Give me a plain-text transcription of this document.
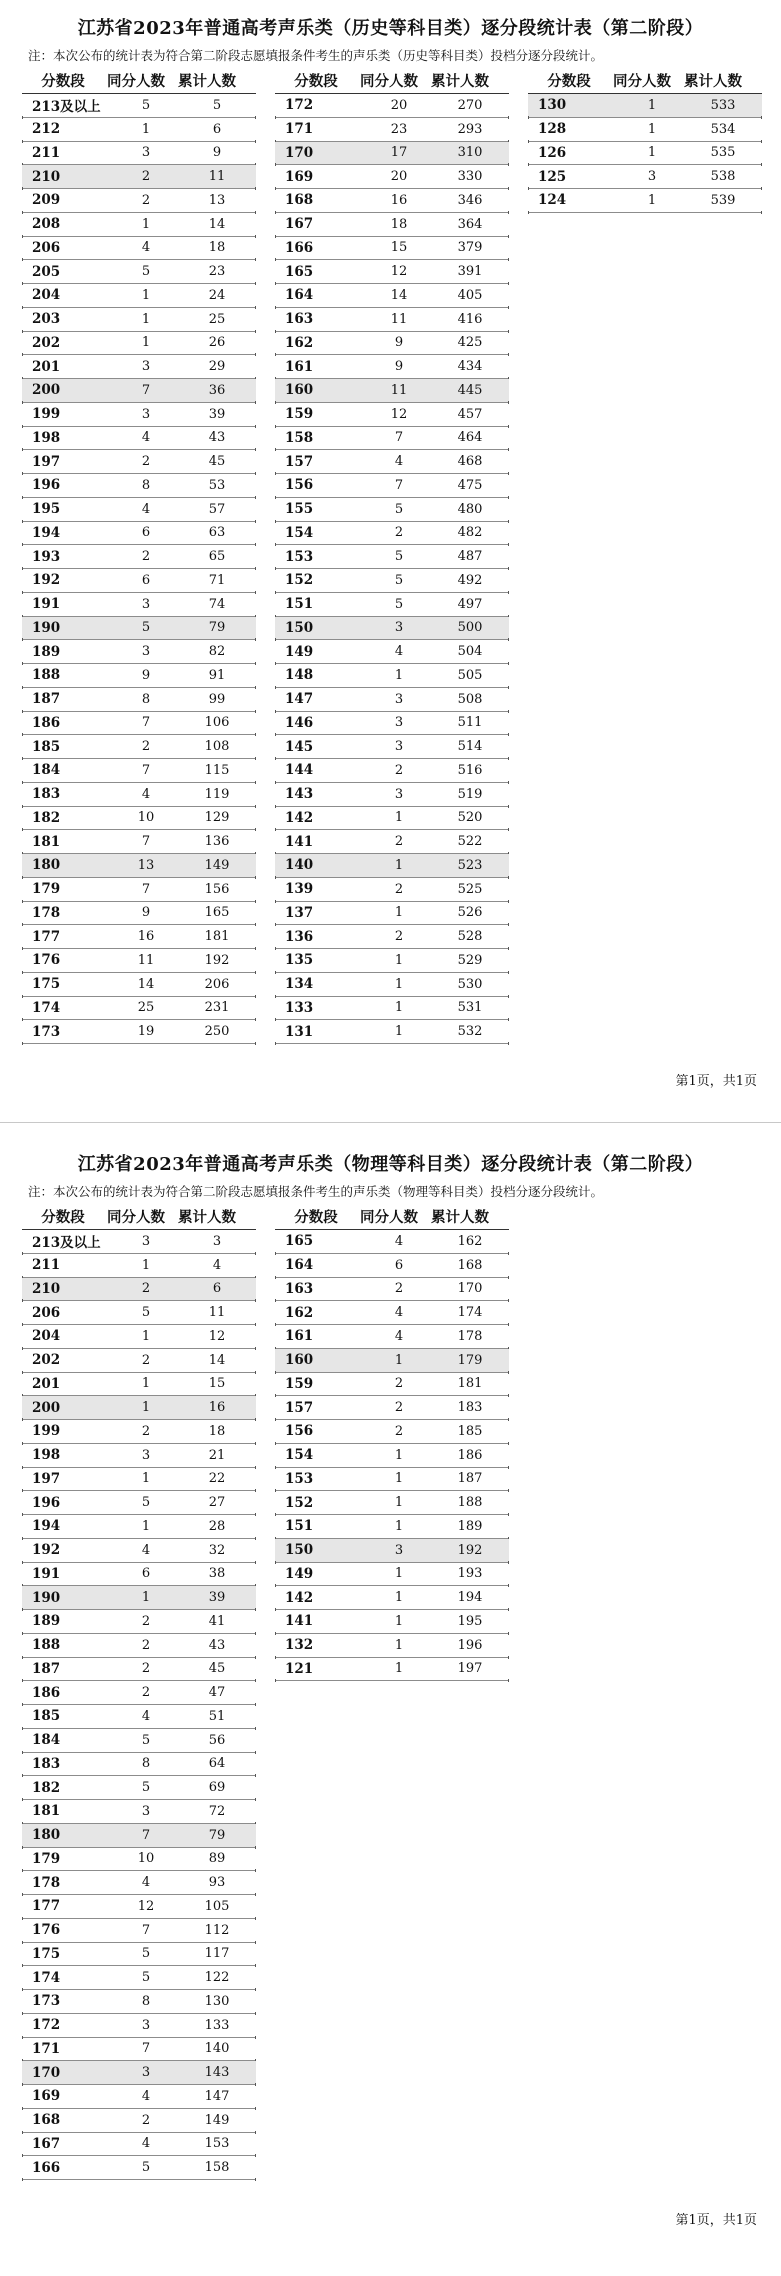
江苏省2023年普通高考声乐类（历史等科目类）逐分段统计表（第二阶段）
注：本次公布的统计表为符合第二阶段志愿填报条件考生的声乐类（历史等科目类）投档分逐分段统计。
分数段	同分人数 累计人数
213及以上	5	5
212	1	6
211	3	9
210	2	11
209	2	13
208	1	14
206	4	18
205	5	23
204	1	24
203	1	25
202	1	26
201	3	29
200	7	36
199	3	39
198	4	43
197	2	45
196	8	53
195	4	57
194	6	63
193	2	65
192	6	71
191	3	74
190	5	79
189	3	82
188	9	91
187	8	99
186	7	106
185	2	108
184	7	115
183	4	119
182	10	129
181	7	136
180	13	149
179	7	156
178	9	165
177	16	181
176	11	192
175	14	206
174	25	231
173	19	250
分数段	同分人数 累计人数
172	20	270
171	23	293
170	17	310
169	20	330
168	16	346
167	18	364
166	15	379
165	12	391
164	14	405
163	11	416
162	9	425
161	9	434
160	11	445
159	12	457
158	7	464
157	4	468
156	7	475
155	5	480
154	2	482
153	5	487
152	5	492
151	5	497
150	3	500
149	4	504
148	1	505
147	3	508
146	3	511
145	3	514
144	2	516
143	3	519
142	1	520
141	2	522
140	1	523
139	2	525
137	1	526
136	2	528
135	1	529
134	1	530
133	1	531
131	1	532
分数段	同分人数 累计人数
130	1	533
128	1	534
126	1	535
125	3	538
124	1	539
第1页，共1页
江苏省2023年普通高考声乐类（物理等科目类）逐分段统计表（第二阶段）
注：本次公布的统计表为符合第二阶段志愿填报条件考生的声乐类（物理等科目类）投档分逐分段统计。
分数段	同分人数 累计人数
213及以上	3	3
211	1	4
210	2	6
206	5	11
204	1	12
202	2	14
201	1	15
200	1	16
199	2	18
198	3	21
197	1	22
196	5	27
194	1	28
192	4	32
191	6	38
190	1	39
189	2	41
188	2	43
187	2	45
186	2	47
185	4	51
184	5	56
183	8	64
182	5	69
181	3	72
180	7	79
179	10	89
178	4	93
177	12	105
176	7	112
175	5	117
174	5	122
173	8	130
172	3	133
171	7	140
170	3	143
169	4	147
168	2	149
167	4	153
166	5	158
分数段	同分人数 累计人数
165	4	162
164	6	168
163	2	170
162	4	174
161	4	178
160	1	179
159	2	181
157	2	183
156	2	185
154	1	186
153	1	187
152	1	188
151	1	189
150	3	192
149	1	193
142	1	194
141	1	195
132	1	196
121	1	197
第1页，共1页
